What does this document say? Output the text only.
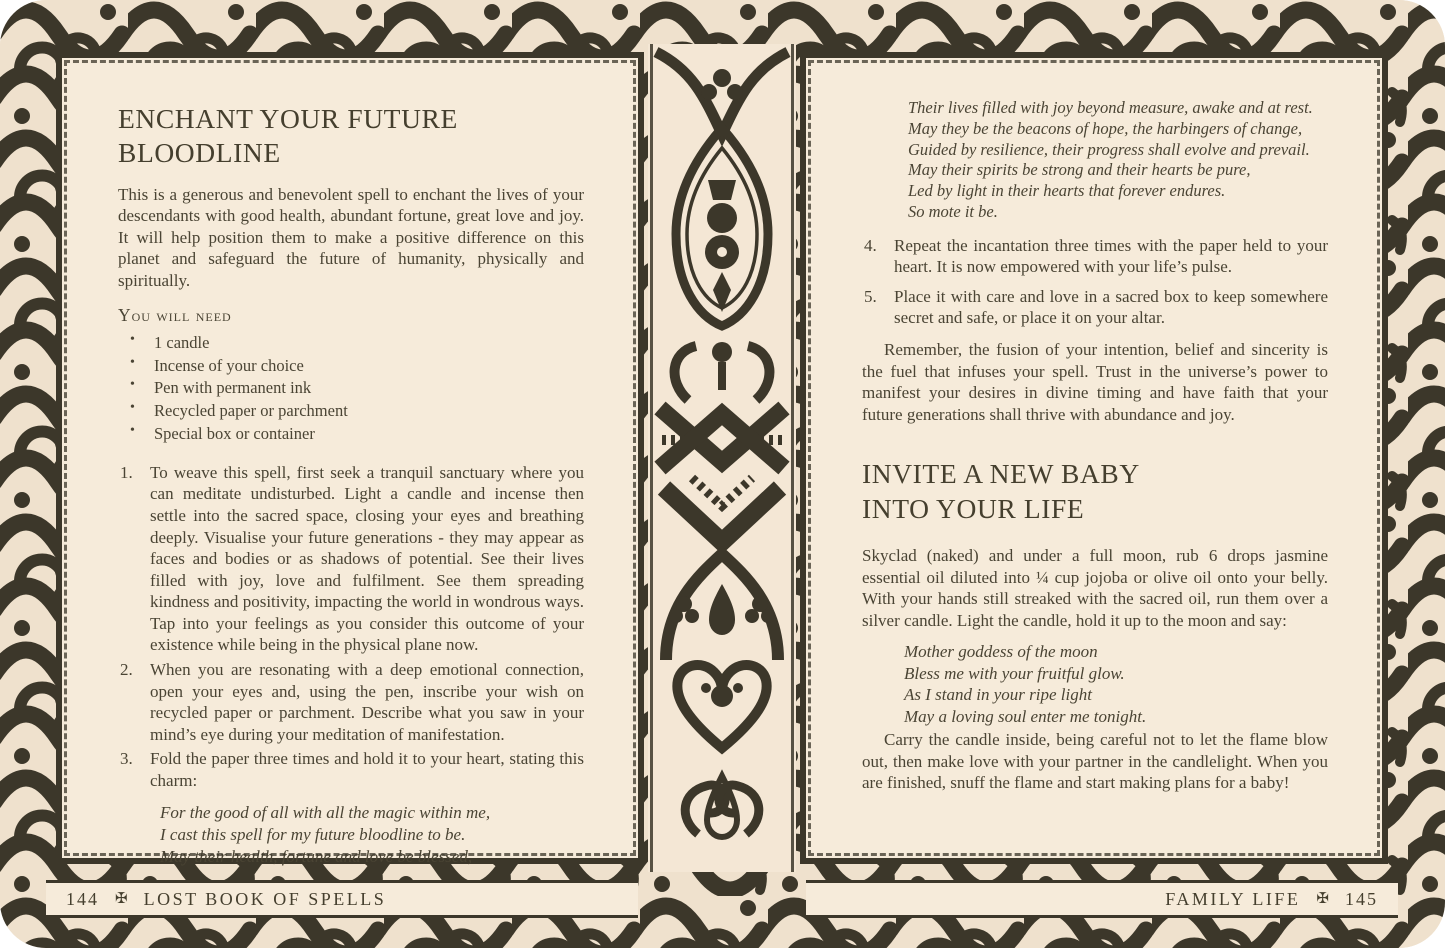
ENCHANT YOUR FUTURE
BLOODLINE

This is a generous and benevolent spell to enchant the lives of your descendants with good health, abundant fortune, great love and joy. It will help position them to make a positive difference on this planet and safeguard the future of humanity, physically and spiritually.

You will need
• 1 candle
• Incense of your choice
• Pen with permanent ink
• Recycled paper or parchment
• Special box or container
1.	To weave this spell, first seek a tranquil sanctuary where you can meditate undisturbed. Light a candle and incense then settle into the sacred space, closing your eyes and breathing deeply. Visualise your future generations - they may appear as faces and bodies or as shadows of potential. See their lives filled with joy, love and fulfilment. See them spreading kindness and positivity, impacting the world in wondrous ways. Tap into your feelings as you consider this outcome of your existence while being in the physical plane now.
2.	When you are resonating with a deep emotional connection, open your eyes and, using the pen, inscribe your wish on recycled paper or parchment. Describe what you saw in your mind’s eye during your meditation of manifestation.
3.	Fold the paper three times and hold it to your heart, stating this charm:
For the good of all with all the magic within me,
I cast this spell for my future bloodline to be.
May their health, fortune and love be blessed,
Their lives filled with joy beyond measure, awake and at rest.
May they be the beacons of hope, the harbingers of change,
Guided by resilience, their progress shall evolve and prevail.
May their spirits be strong and their hearts be pure,
Led by light in their hearts that forever endures.
So mote it be.
4.	Repeat the incantation three times with the paper held to your heart. It is now empowered with your life’s pulse.
5.	Place it with care and love in a sacred box to keep somewhere secret and safe, or place it on your altar.

Remember, the fusion of your intention, belief and sincerity is the fuel that infuses your spell. Trust in the universe’s power to manifest your desires in divine timing and have faith that your future generations shall thrive with abundance and joy.

INVITE A NEW BABY
INTO YOUR LIFE

Skyclad (naked) and under a full moon, rub 6 drops jasmine essential oil diluted into ¼ cup jojoba or olive oil onto your belly. With your hands still streaked with the sacred oil, run them over a silver candle. Light the candle, hold it up to the moon and say:

Mother goddess of the moon
Bless me with your fruitful glow.
As I stand in your ripe light
May a loving soul enter me tonight.

Carry the candle inside, being careful not to let the flame blow out, then make love with your partner in the candlelight. When you are finished, snuff the flame and start making plans for a baby!

144 ✠ LOST BOOK OF SPELLS	FAMILY LIFE ✠ 145
